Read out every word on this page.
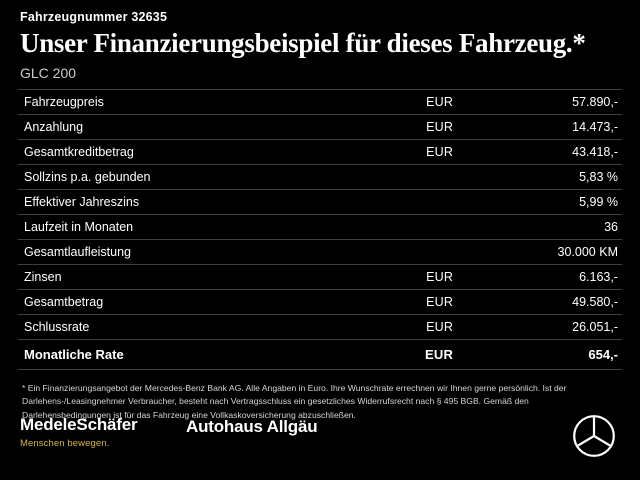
Fahrzeugnummer 32635
Unser Finanzierungsbeispiel für dieses Fahrzeug.*
GLC 200
Fahrzeugpreis	EUR	57.890,-
Anzahlung	EUR	14.473,-
Gesamtkreditbetrag	EUR	43.418,-
Sollzins p.a. gebunden		5,83 %
Effektiver Jahreszins		5,99 %
Laufzeit in Monaten		36
Gesamtlaufleistung		30.000 KM
Zinsen	EUR	6.163,-
Gesamtbetrag	EUR	49.580,-
Schlussrate	EUR	26.051,-
Monatliche Rate	EUR	654,-
* Ein Finanzierungsangebot der Mercedes-Benz Bank AG. Alle Angaben in Euro. Ihre Wunschrate errechnen wir Ihnen gerne persönlich. Ist der Darlehens-/Leasingnehmer Verbraucher, besteht nach Vertragsschluss ein gesetzliches Widerrufsrecht nach § 495 BGB. Gemäß den Darlehensbedingungen ist für das Fahrzeug eine Vollkaskoversicherung abzuschließen.
MedeleSchäfer
Menschen bewegen.
Autohaus Allgäu
